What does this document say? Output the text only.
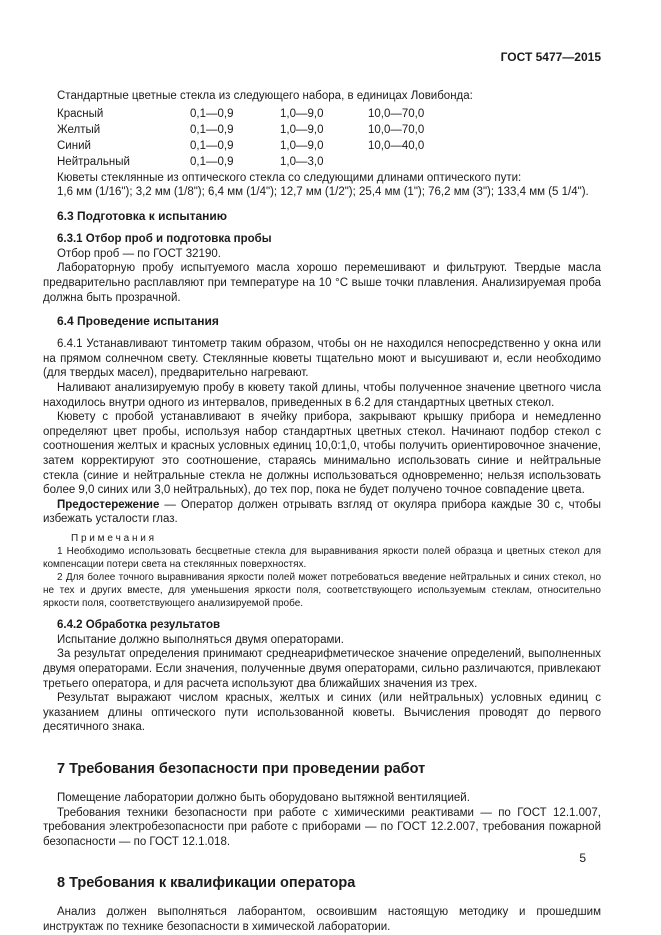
ГОСТ 5477—2015

Стандартные цветные стекла из следующего набора, в единицах Ловибонда:

Красный	0,1—0,9	1,0—9,0	10,0—70,0
Желтый	0,1—0,9	1,0—9,0	10,0—70,0
Синий	0,1—0,9	1,0—9,0	10,0—40,0
Нейтральный	0,1—0,9	1,0—3,0

Кюветы стеклянные из оптического стекла со следующими длинами оптического пути:

1,6 мм (1/16"); 3,2 мм (1/8"); 6,4 мм (1/4"); 12,7 мм (1/2"); 25,4 мм (1"); 76,2 мм (3"); 133,4 мм (5 1/4").

6.3 Подготовка к испытанию
6.3.1 Отбор проб и подготовка пробы

Отбор проб — по ГОСТ 32190.

Лабораторную пробу испытуемого масла хорошо перемешивают и фильтруют. Твердые масла предварительно расплавляют при температуре на 10 °С выше точки плавления. Анализируемая проба должна быть прозрачной.

6.4 Проведение испытания

6.4.1 Устанавливают тинтометр таким образом, чтобы он не находился непосредственно у окна или на прямом солнечном свету. Стеклянные кюветы тщательно моют и высушивают и, если необходимо (для твердых масел), предварительно нагревают.

Наливают анализируемую пробу в кювету такой длины, чтобы полученное значение цветного числа находилось внутри одного из интервалов, приведенных в 6.2 для стандартных цветных стекол.

Кювету с пробой устанавливают в ячейку прибора, закрывают крышку прибора и немедленно определяют цвет пробы, используя набор стандартных цветных стекол. Начинают подбор стекол с соотношения желтых и красных условных единиц 10,0:1,0, чтобы получить ориентировочное значение, затем корректируют это соотношение, стараясь минимально использовать синие и нейтральные стекла (синие и нейтральные стекла не должны использоваться одновременно; нельзя использовать более 9,0 синих или 3,0 нейтральных), до тех пор, пока не будет получено точное совпадение цвета.

Предостережение — Оператор должен отрывать взгляд от окуляра прибора каждые 30 с, чтобы избежать усталости глаз.

П р и м е ч а н и я

1 Необходимо использовать бесцветные стекла для выравнивания яркости полей образца и цветных стекол для компенсации потери света на стеклянных поверхностях.

2 Для более точного выравнивания яркости полей может потребоваться введение нейтральных и синих стекол, но не тех и других вместе, для уменьшения яркости поля, соответствующего используемым стеклам, относительно яркости поля, соответствующего анализируемой пробе.

6.4.2 Обработка результатов

Испытание должно выполняться двумя операторами.

За результат определения принимают среднеарифметическое значение определений, выполненных двумя операторами. Если значения, полученные двумя операторами, сильно различаются, привлекают третьего оператора, и для расчета используют два ближайших значения из трех.

Результат выражают числом красных, желтых и синих (или нейтральных) условных единиц с указанием длины оптического пути использованной кюветы. Вычисления проводят до первого десятичного знака.

7 Требования безопасности при проведении работ

Помещение лаборатории должно быть оборудовано вытяжной вентиляцией.

Требования техники безопасности при работе с химическими реактивами — по ГОСТ 12.1.007, требования электробезопасности при работе с приборами — по ГОСТ 12.2.007, требования пожарной безопасности — по ГОСТ 12.1.018.

8 Требования к квалификации оператора

Анализ должен выполняться лаборантом, освоившим настоящую методику и прошедшим инструктаж по технике безопасности в химической лаборатории.

5
